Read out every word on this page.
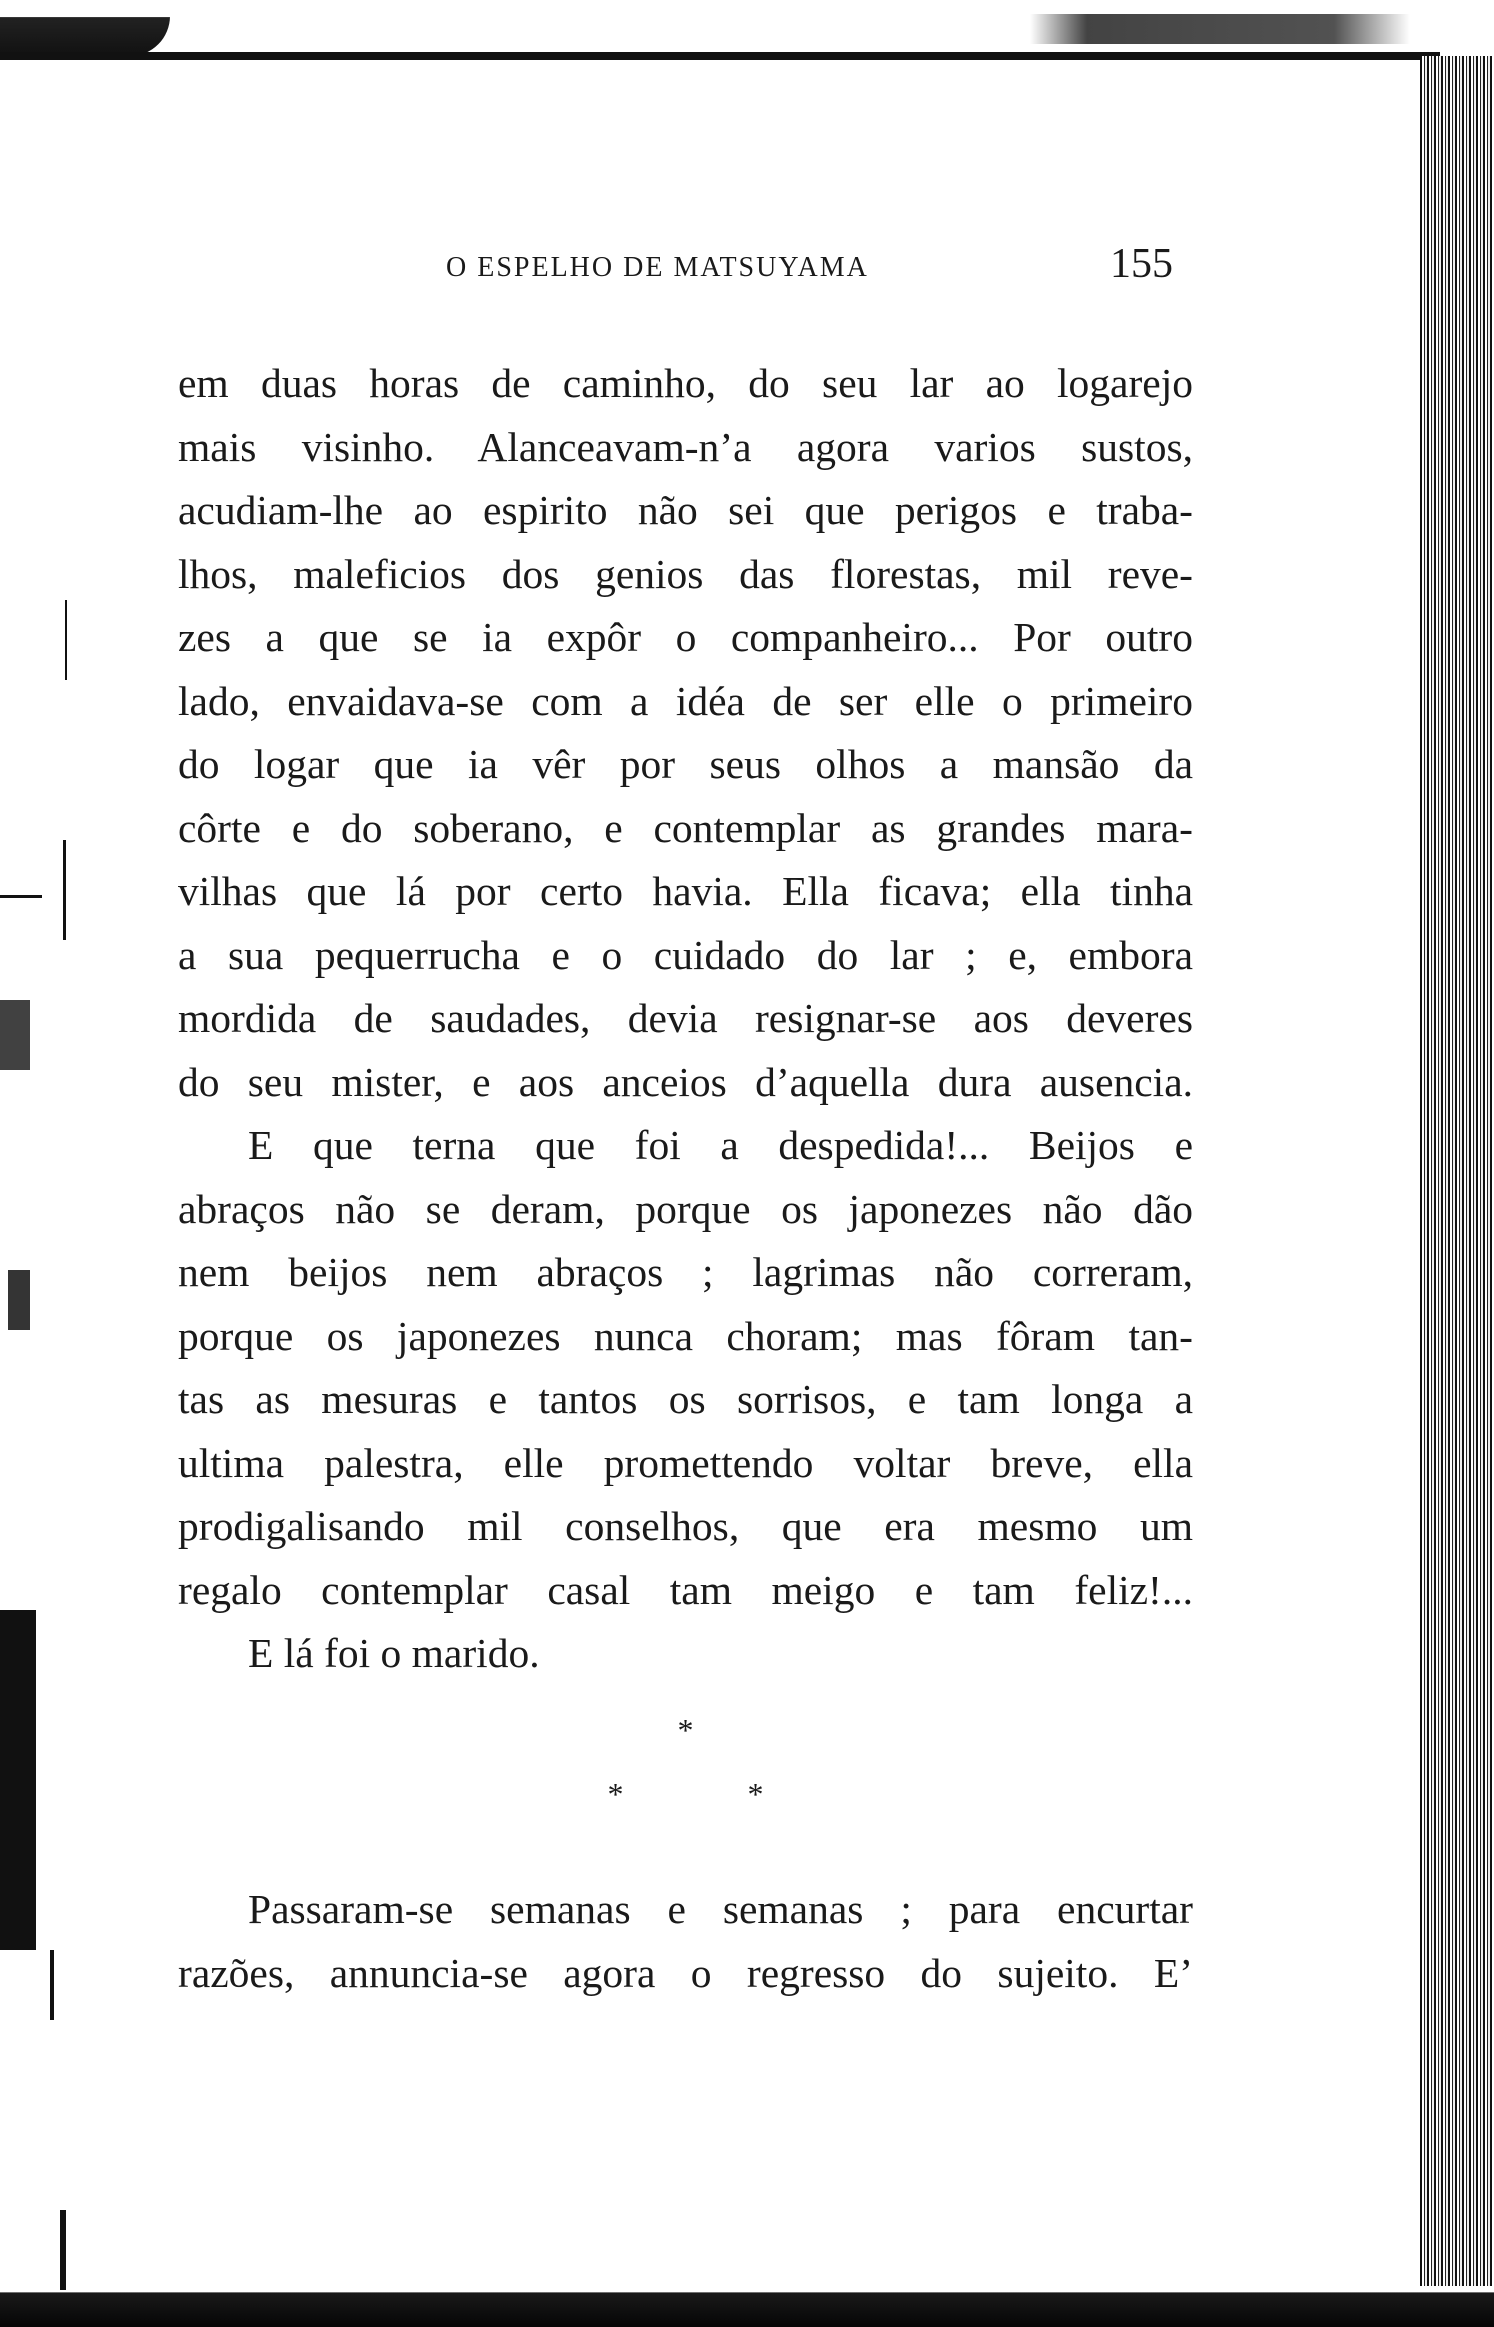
O ESPELHO DE MATSUYAMA	155
em duas horas de caminho, do seu lar ao logarejo
mais visinho. Alanceavam-n’a agora varios sustos,
acudiam-lhe ao espirito não sei que perigos e traba-
lhos, maleficios dos genios das florestas, mil reve-
zes a que se ia expôr o companheiro... Por outro
lado, envaidava-se com a idéa de ser elle o primeiro
do logar que ia vêr por seus olhos a mansão da
côrte e do soberano, e contemplar as grandes mara-
vilhas que lá por certo havia. Ella ficava; ella tinha
a sua pequerrucha e o cuidado do lar ; e, embora
mordida de saudades, devia resignar-se aos deveres
do seu mister, e aos anceios d’aquella dura ausencia.
E que terna que foi a despedida!... Beijos e
abraços não se deram, porque os japonezes não dão
nem beijos nem abraços ; lagrimas não correram,
porque os japonezes nunca choram; mas fôram tan-
tas as mesuras e tantos os sorrisos, e tam longa a
ultima palestra, elle promettendo voltar breve, ella
prodigalisando mil conselhos, que era mesmo um
regalo contemplar casal tam meigo e tam feliz!...
E lá foi o marido.
*
*	*
Passaram-se semanas e semanas ; para encurtar
razões, annuncia-se agora o regresso do sujeito. E’
